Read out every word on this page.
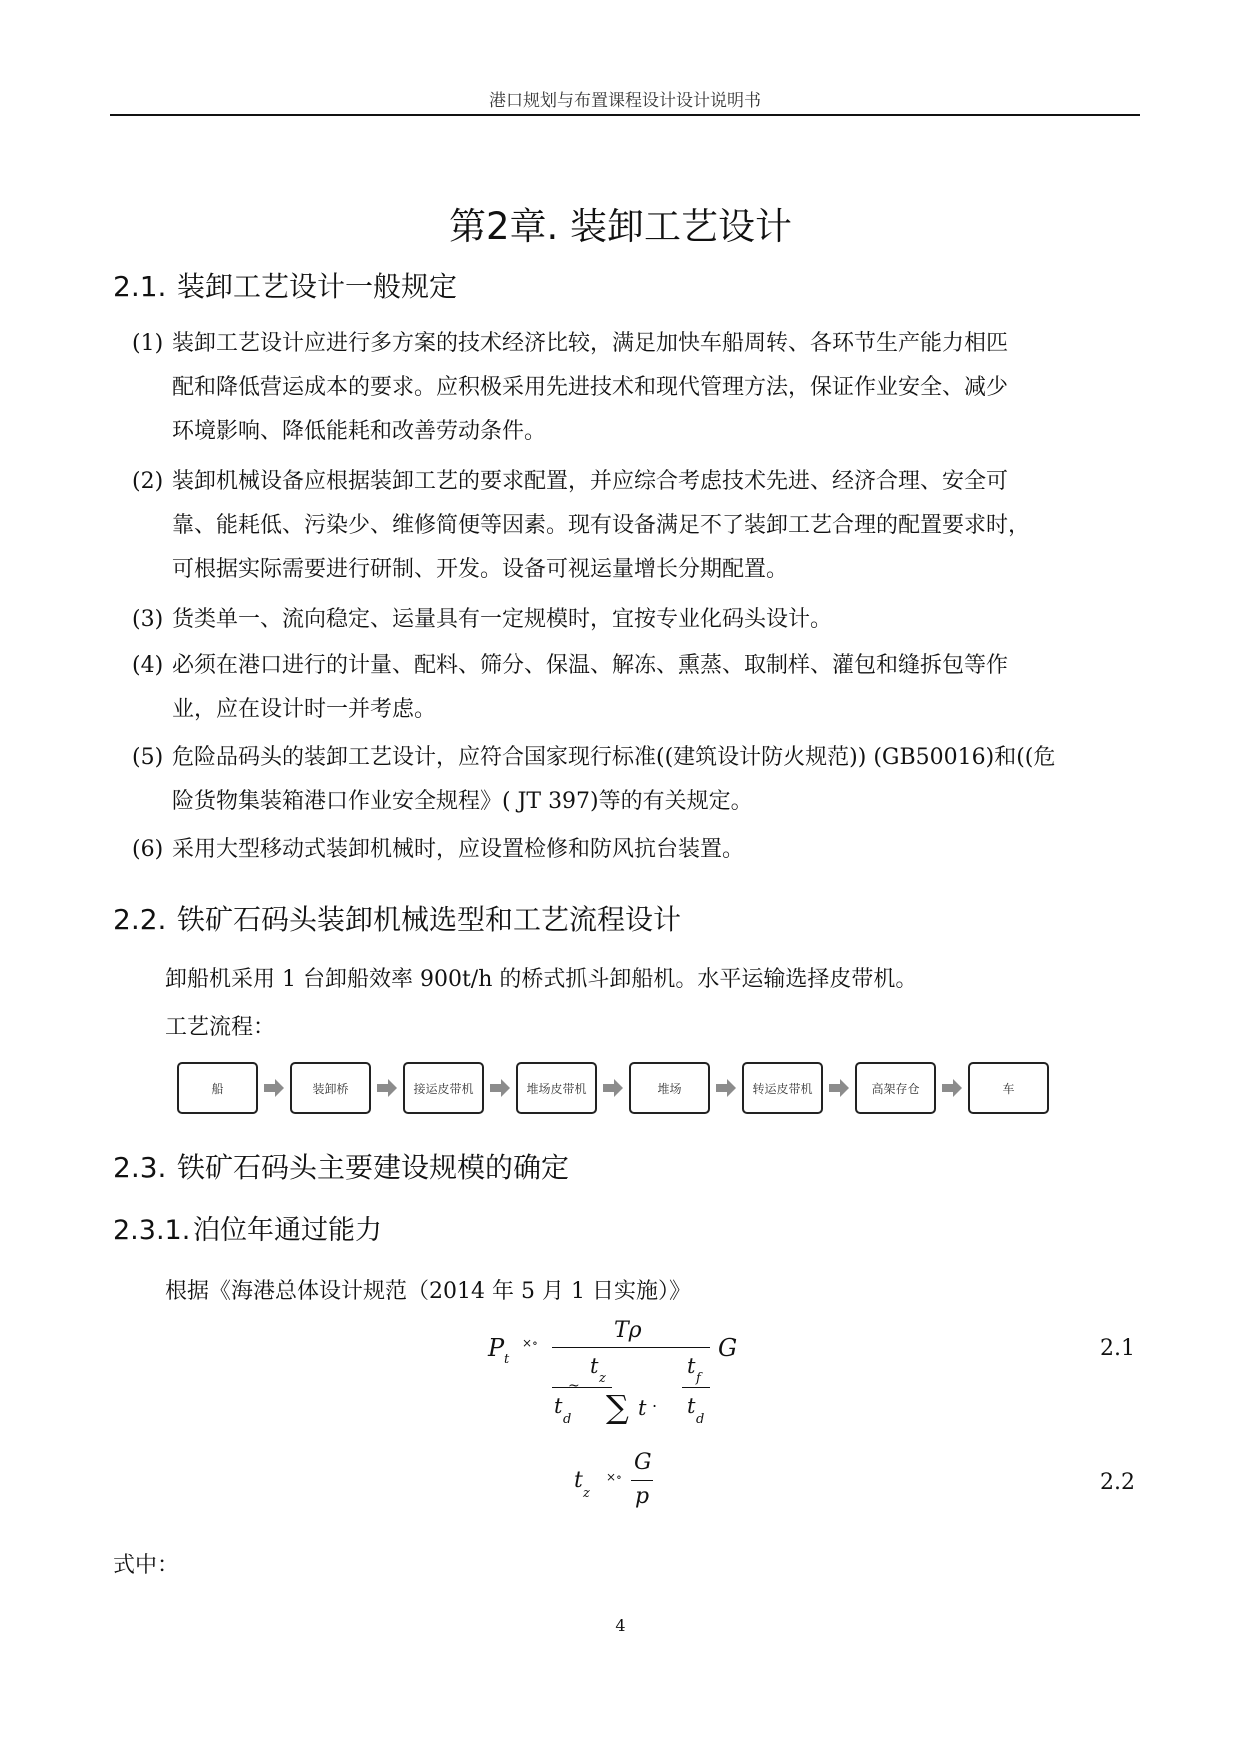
港口规划与布置课程设计设计说明书
第2章. 装卸工艺设计
2.1. 装卸工艺设计一般规定
(1) 装卸工艺设计应进行多方案的技术经济比较，满足加快车船周转、各环节生产能力相匹
配和降低营运成本的要求。应积极采用先进技术和现代管理方法，保证作业安全、减少
环境影响、降低能耗和改善劳动条件。
(2) 装卸机械设备应根据装卸工艺的要求配置，并应综合考虑技术先进、经济合理、安全可
靠、能耗低、污染少、维修简便等因素。现有设备满足不了装卸工艺合理的配置要求时，
可根据实际需要进行研制、开发。设备可视运量增长分期配置。
(3) 货类单一、流向稳定、运量具有一定规模时，宜按专业化码头设计。
(4) 必须在港口进行的计量、配料、筛分、保温、解冻、熏蒸、取制样、灌包和缝拆包等作
业，应在设计时一并考虑。
(5) 危险品码头的装卸工艺设计，应符合国家现行标准((建筑设计防火规范)) (GB50016)和((危
险货物集装箱港口作业安全规程》( JT 397)等的有关规定。
(6) 采用大型移动式装卸机械时，应设置检修和防风抗台装置。
2.2. 铁矿石码头装卸机械选型和工艺流程设计
卸船机采用 1 台卸船效率 900t/h 的桥式抓斗卸船机。水平运输选择皮带机。
工艺流程：
船	装卸桥	接运皮带机	堆场皮带机	堆场	转运皮带机	高架存仓	车
2.3. 铁矿石码头主要建设规模的确定
2.3.1. 泊位年通过能力
根据《海港总体设计规范（2014 年 5 月 1 日实施）》
P t
×∘	Tρ
G
t
z
~
t
d ∑ t .
t
f
t
d
2.1
t
z
×∘
G
p
2.2
式中：
4
